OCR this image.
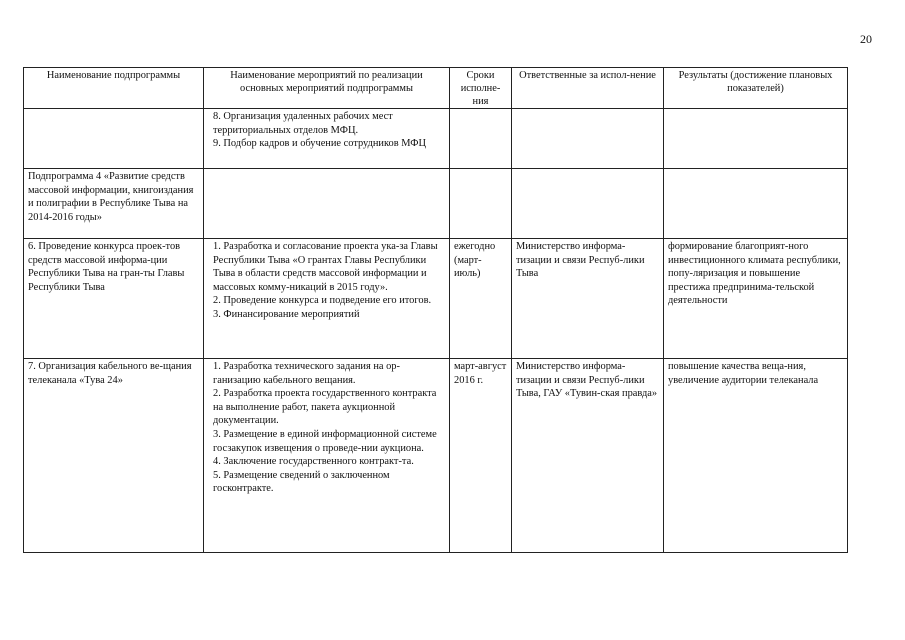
20
Наименование подпрограммы	Наименование мероприятий по реализации основных мероприятий подпрограммы	Сроки исполне-ния	Ответственные за испол-нение	Результаты (достижение плановых показателей)

	8. Организация удаленных рабочих мест территориальных отделов МФЦ.
9. Подбор кадров и обучение сотрудников МФЦ			

Подпрограмма 4 «Развитие средств массовой информации, книгоиздания и полиграфии в Республике Тыва на 2014-2016 годы»				
6. Проведение конкурса проек-тов средств массовой информа-ции Республики Тыва на гран-ты Главы Республики Тыва	1. Разработка и согласование проекта ука-за Главы Республики Тыва «О грантах Главы Республики Тыва в области средств массовой информации и массовых комму-никаций в 2015 году».
2. Проведение конкурса и подведение его итогов.
3. Финансирование мероприятий	ежегодно (март-июль)	Министерство информа-тизации и связи Респуб-лики Тыва	формирование благоприят-ного инвестиционного климата республики, попу-ляризация и повышение престижа предпринима-тельской деятельности
7. Организация кабельного ве-щания телеканала «Тува 24»	1. Разработка технического задания на ор-ганизацию кабельного вещания.
2. Разработка проекта государственного контракта на выполнение работ, пакета аукционной документации.
3. Размещение в единой информационной системе госзакупок извещения о проведе-нии аукциона.
4. Заключение государственного контракт-та.
5. Размещение сведений о заключенном госконтракте.	март-август 2016 г.	Министерство информа-тизации и связи Респуб-лики Тыва, ГАУ «Тувин-ская правда»	повышение качества веща-ния, увеличение аудитории телеканала
